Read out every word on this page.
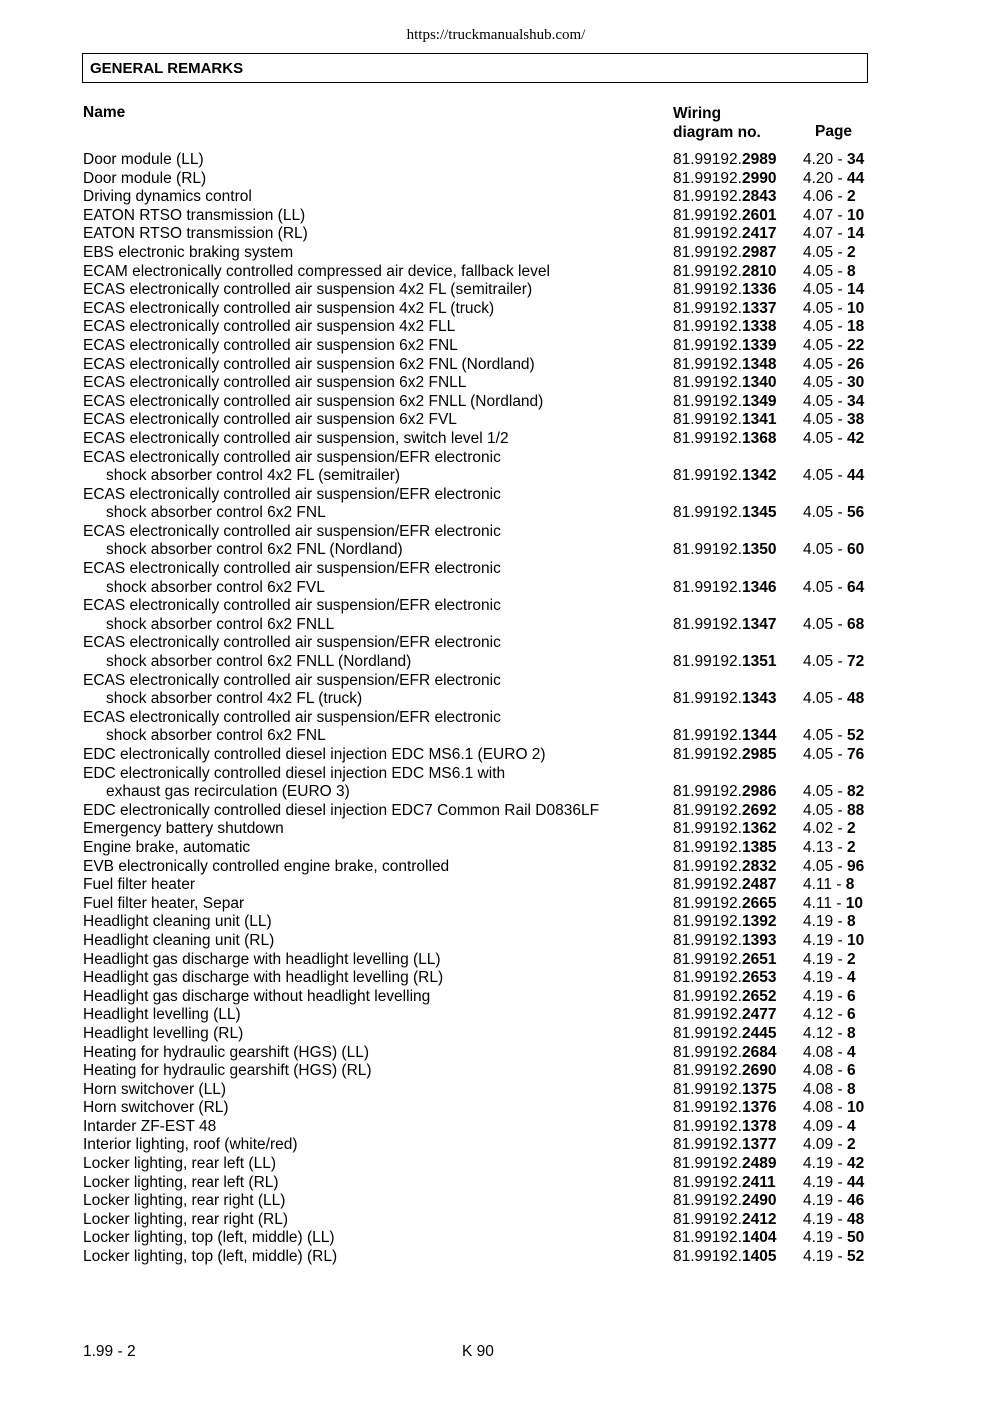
https://truckmanualshub.com/
GENERAL REMARKS
Name	Wiring
diagram no.	Page
Door module (LL)	81.99192.2989 4.20 - 34
Door module (RL)	81.99192.2990 4.20 - 44
Driving dynamics control	81.99192.2843 4.06 - 2
EATON RTSO transmission (LL)	81.99192.2601 4.07 - 10
EATON RTSO transmission (RL)	81.99192.2417 4.07 - 14
EBS electronic braking system	81.99192.2987 4.05 - 2
ECAM electronically controlled compressed air device, fallback level	81.99192.2810 4.05 - 8
ECAS electronically controlled air suspension 4x2 FL (semitrailer)	81.99192.1336 4.05 - 14
ECAS electronically controlled air suspension 4x2 FL (truck)	81.99192.1337 4.05 - 10
ECAS electronically controlled air suspension 4x2 FLL	81.99192.1338 4.05 - 18
ECAS electronically controlled air suspension 6x2 FNL	81.99192.1339 4.05 - 22
ECAS electronically controlled air suspension 6x2 FNL (Nordland)	81.99192.1348 4.05 - 26
ECAS electronically controlled air suspension 6x2 FNLL	81.99192.1340 4.05 - 30
ECAS electronically controlled air suspension 6x2 FNLL (Nordland)	81.99192.1349 4.05 - 34
ECAS electronically controlled air suspension 6x2 FVL	81.99192.1341 4.05 - 38
ECAS electronically controlled air suspension, switch level 1/2	81.99192.1368 4.05 - 42
ECAS electronically controlled air suspension/EFR electronic
shock absorber control 4x2 FL (semitrailer)	81.99192.1342 4.05 - 44
ECAS electronically controlled air suspension/EFR electronic
shock absorber control 6x2 FNL	81.99192.1345 4.05 - 56
ECAS electronically controlled air suspension/EFR electronic
shock absorber control 6x2 FNL (Nordland)	81.99192.1350 4.05 - 60
ECAS electronically controlled air suspension/EFR electronic
shock absorber control 6x2 FVL	81.99192.1346 4.05 - 64
ECAS electronically controlled air suspension/EFR electronic
shock absorber control 6x2 FNLL	81.99192.1347 4.05 - 68
ECAS electronically controlled air suspension/EFR electronic
shock absorber control 6x2 FNLL (Nordland)	81.99192.1351 4.05 - 72
ECAS electronically controlled air suspension/EFR electronic
shock absorber control 4x2 FL (truck)	81.99192.1343 4.05 - 48
ECAS electronically controlled air suspension/EFR electronic
shock absorber control 6x2 FNL	81.99192.1344 4.05 - 52
EDC electronically controlled diesel injection EDC MS6.1 (EURO 2)	81.99192.2985 4.05 - 76
EDC electronically controlled diesel injection EDC MS6.1 with
exhaust gas recirculation (EURO 3)	81.99192.2986 4.05 - 82
EDC electronically controlled diesel injection EDC7 Common Rail D0836LF	81.99192.2692 4.05 - 88
Emergency battery shutdown	81.99192.1362 4.02 - 2
Engine brake, automatic	81.99192.1385 4.13 - 2
EVB electronically controlled engine brake, controlled	81.99192.2832 4.05 - 96
Fuel filter heater	81.99192.2487 4.11 - 8
Fuel filter heater, Separ	81.99192.2665 4.11 - 10
Headlight cleaning unit (LL)	81.99192.1392 4.19 - 8
Headlight cleaning unit (RL)	81.99192.1393 4.19 - 10
Headlight gas discharge with headlight levelling (LL)	81.99192.2651 4.19 - 2
Headlight gas discharge with headlight levelling (RL)	81.99192.2653 4.19 - 4
Headlight gas discharge without headlight levelling	81.99192.2652 4.19 - 6
Headlight levelling (LL)	81.99192.2477 4.12 - 6
Headlight levelling (RL)	81.99192.2445 4.12 - 8
Heating for hydraulic gearshift (HGS) (LL)	81.99192.2684 4.08 - 4
Heating for hydraulic gearshift (HGS) (RL)	81.99192.2690 4.08 - 6
Horn switchover (LL)	81.99192.1375 4.08 - 8
Horn switchover (RL)	81.99192.1376 4.08 - 10
Intarder ZF-EST 48	81.99192.1378 4.09 - 4
Interior lighting, roof (white/red)	81.99192.1377 4.09 - 2
Locker lighting, rear left (LL)	81.99192.2489 4.19 - 42
Locker lighting, rear left (RL)	81.99192.2411 4.19 - 44
Locker lighting, rear right (LL)	81.99192.2490 4.19 - 46
Locker lighting, rear right (RL)	81.99192.2412 4.19 - 48
Locker lighting, top (left, middle) (LL)	81.99192.1404 4.19 - 50
Locker lighting, top (left, middle) (RL)	81.99192.1405 4.19 - 52
1.99 - 2	K 90
